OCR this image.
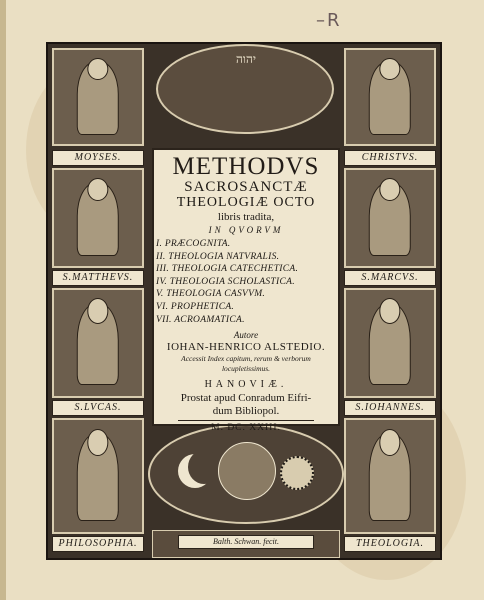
–R
יהוה
MOYSES.
S.MATTHEVS.
S.LVCAS.
PHILOSOPHIA.
CHRISTVS.
S.MARCVS.
S.IOHANNES.
THEOLOGIA.
Balth. Schwan. fecit.
METHODVS
SACROSANCTÆ
THEOLOGIÆ OCTO
libris tradita,
IN QVORVM
I. PRÆCOGNITA.
II. THEOLOGIA NATVRALIS.
III. THEOLOGIA CATECHETICA.
IV. THEOLOGIA SCHOLASTICA.
V. THEOLOGIA CASVVM.
VI. PROPHETICA.
VII. ACROAMATICA.
Autore
IOHAN-HENRICO ALSTEDIO.
Accessit Index capitum, rerum & verborum
locupletissimus.
HANOVIÆ.
Prostat apud Conradum Eifri-
dum Bibliopol.
M. DC. XXIII.
